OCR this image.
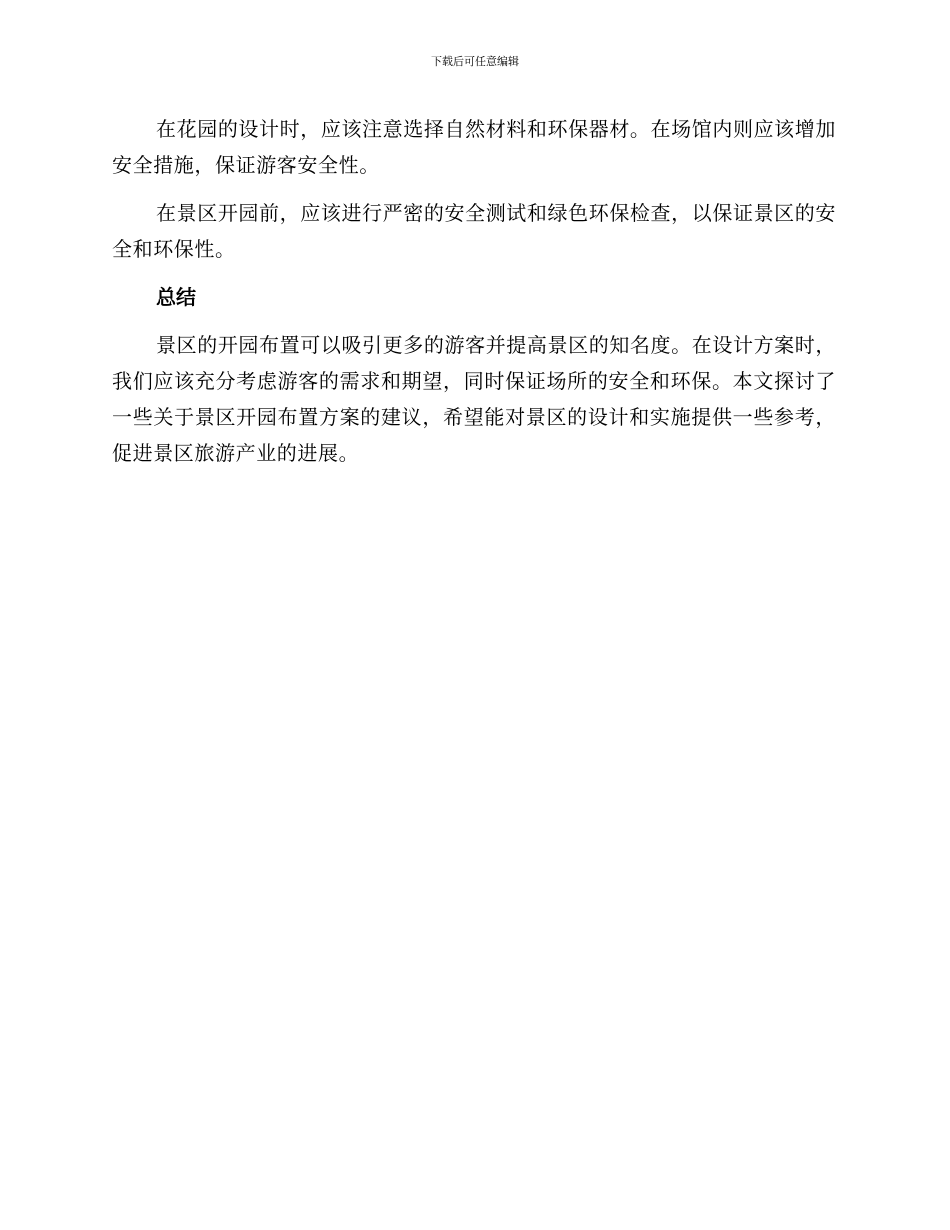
下载后可任意编辑

在花园的设计时，应该注意选择自然材料和环保器材。在场馆内则应该增加安全措施，保证游客安全性。

在景区开园前，应该进行严密的安全测试和绿色环保检查，以保证景区的安全和环保性。

总结

景区的开园布置可以吸引更多的游客并提高景区的知名度。在设计方案时，我们应该充分考虑游客的需求和期望，同时保证场所的安全和环保。本文探讨了一些关于景区开园布置方案的建议，希望能对景区的设计和实施提供一些参考，促进景区旅游产业的进展。
